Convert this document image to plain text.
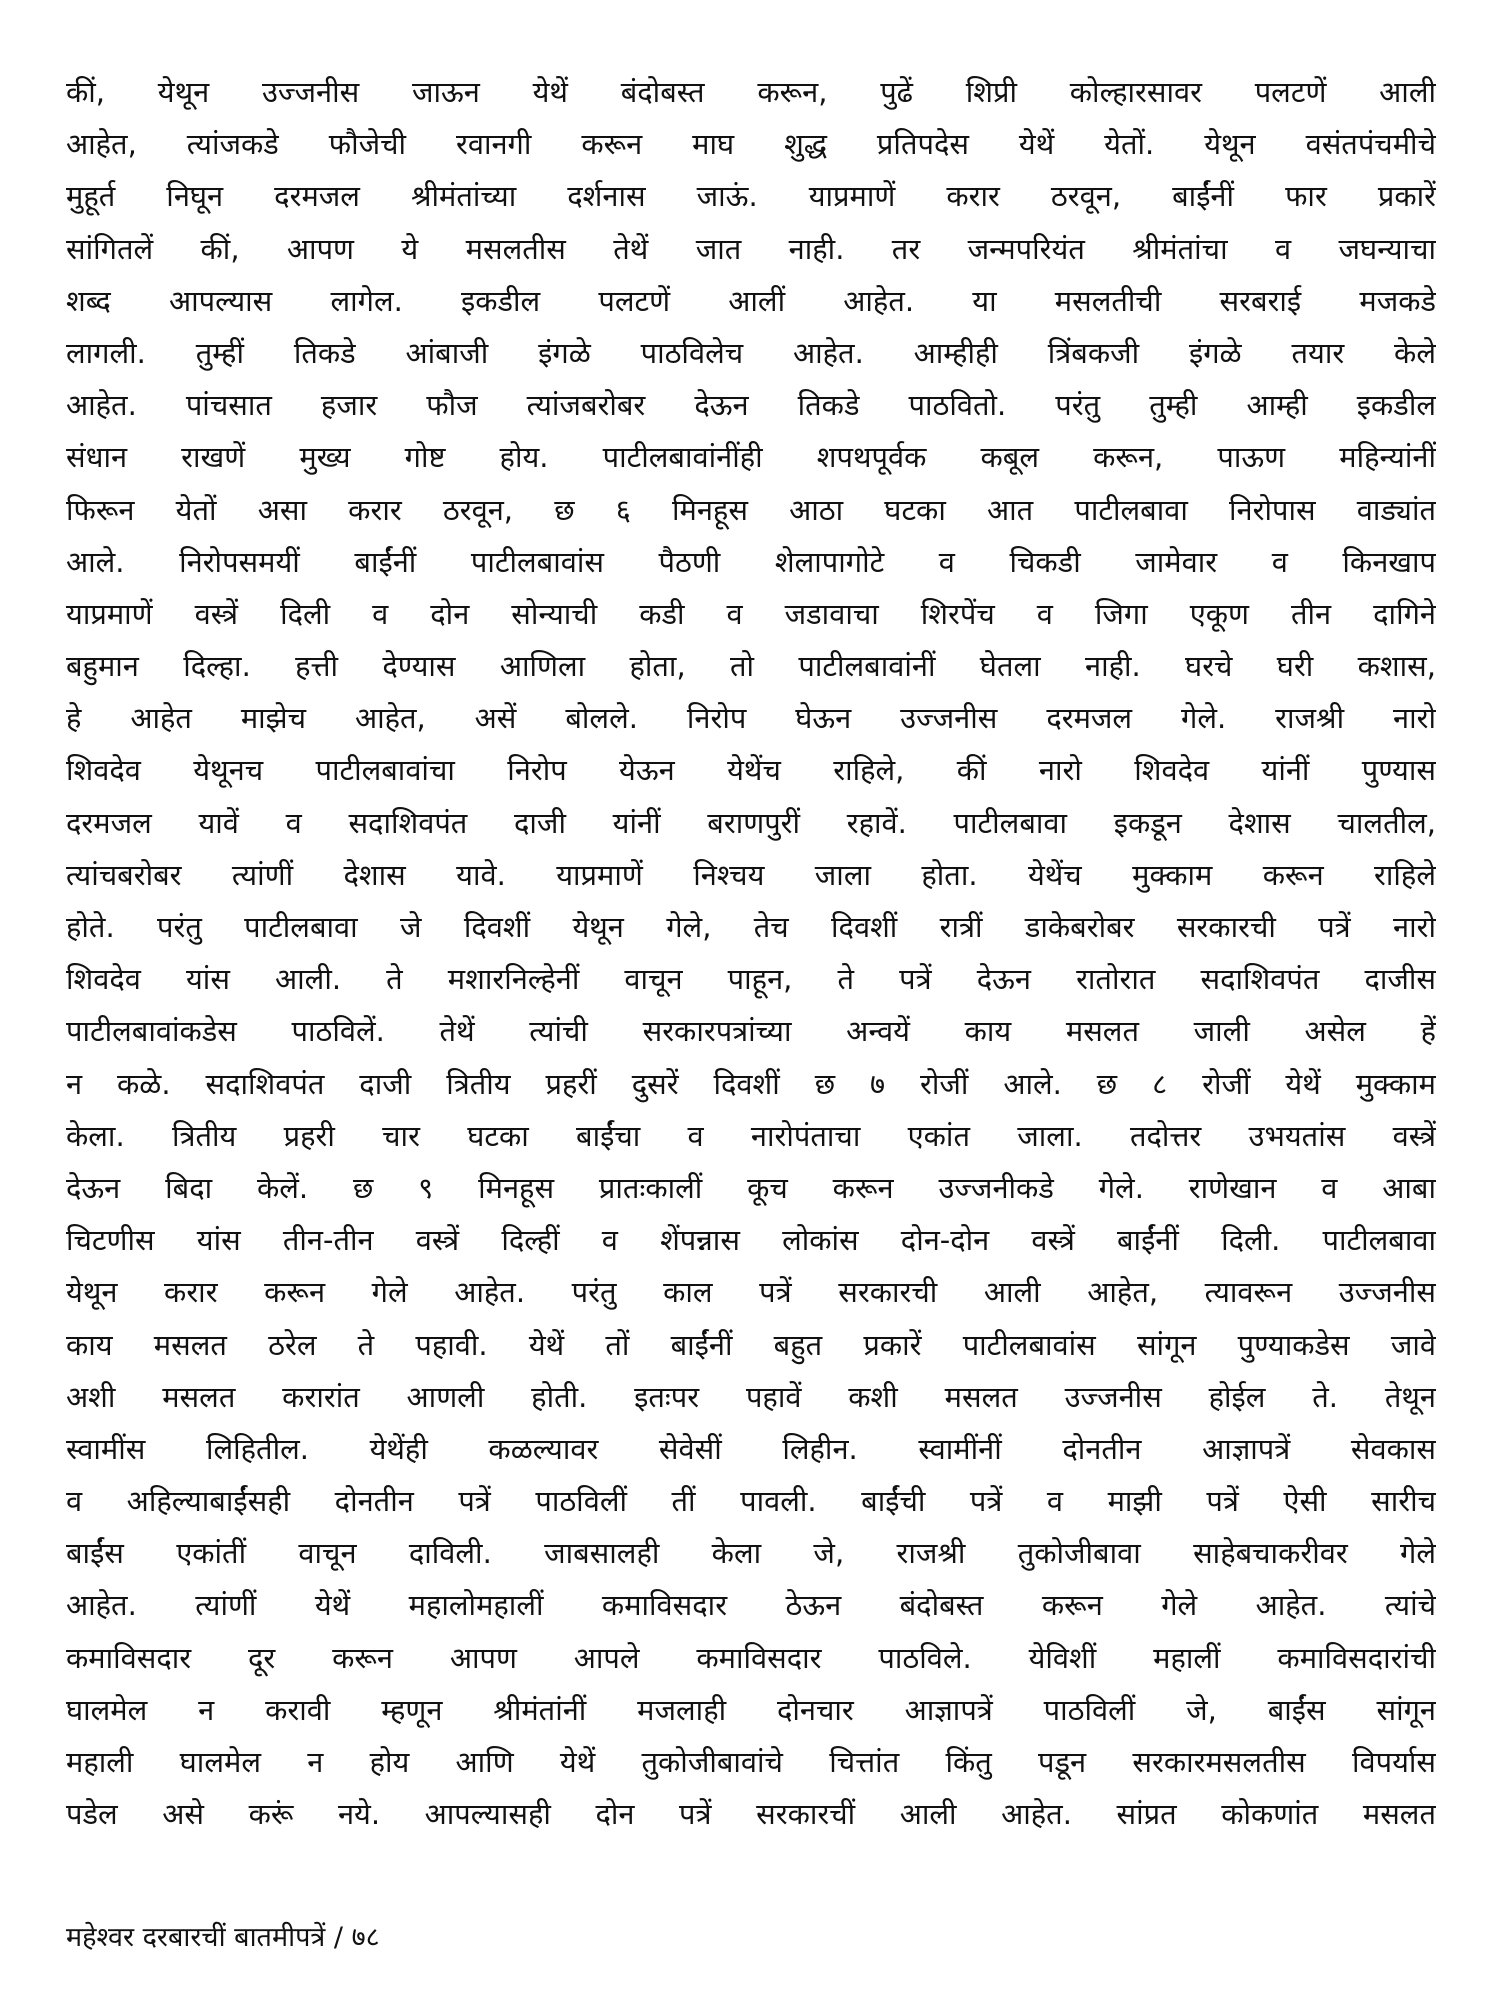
कीं, येथून उज्जनीस जाऊन येथें बंदोबस्त करून, पुढें शिप्री कोल्हारसावर पलटणें आली
आहेत, त्यांजकडे फौजेची रवानगी करून माघ शुद्ध प्रतिपदेस येथें येतों. येथून वसंतपंचमीचे
मुहूर्त निघून दरमजल श्रीमंतांच्या दर्शनास जाऊं. याप्रमाणें करार ठरवून, बाईंनीं फार प्रकारें
सांगितलें कीं, आपण ये मसलतीस तेथें जात नाही. तर जन्मपरियंत श्रीमंतांचा व जघन्याचा
शब्द आपल्यास लागेल. इकडील पलटणें आलीं आहेत. या मसलतीची सरबराई मजकडे
लागली. तुम्हीं तिकडे आंबाजी इंगळे पाठविलेच आहेत. आम्हीही त्रिंबकजी इंगळे तयार केले
आहेत. पांचसात हजार फौज त्यांजबरोबर देऊन तिकडे पाठवितो. परंतु तुम्ही आम्ही इकडील
संधान राखणें मुख्य गोष्ट होय. पाटीलबावांनींही शपथपूर्वक कबूल करून, पाऊण महिन्यांनीं
फिरून येतों असा करार ठरवून, छ ६ मिनहूस आठा घटका आत पाटीलबावा निरोपास वाड्यांत
आले. निरोपसमयीं बाईंनीं पाटीलबावांस पैठणी शेलापागोटे व चिकडी जामेवार व किनखाप
याप्रमाणें वस्त्रें दिली व दोन सोन्याची कडी व जडावाचा शिरपेंच व जिगा एकूण तीन दागिने
बहुमान दिल्हा. हत्ती देण्यास आणिला होता, तो पाटीलबावांनीं घेतला नाही. घरचे घरी कशास,
हे आहेत माझेच आहेत, असें बोलले. निरोप घेऊन उज्जनीस दरमजल गेले. राजश्री नारो
शिवदेव येथूनच पाटीलबावांचा निरोप येऊन येथेंच राहिले, कीं नारो शिवदेव यांनीं पुण्यास
दरमजल यावें व सदाशिवपंत दाजी यांनीं बराणपुरीं रहावें. पाटीलबावा इकडून देशास चालतील,
त्यांचबरोबर त्यांणीं देशास यावे. याप्रमाणें निश्चय जाला होता. येथेंच मुक्काम करून राहिले
होते. परंतु पाटीलबावा जे दिवशीं येथून गेले, तेच दिवशीं रात्रीं डाकेबरोबर सरकारची पत्रें नारो
शिवदेव यांस आली. ते मशारनिल्हेनीं वाचून पाहून, ते पत्रें देऊन रातोरात सदाशिवपंत दाजीस
पाटीलबावांकडेस पाठविलें. तेथें त्यांची सरकारपत्रांच्या अन्वयें काय मसलत जाली असेल हें
न कळे. सदाशिवपंत दाजी त्रितीय प्रहरीं दुसरें दिवशीं छ ७ रोजीं आले. छ ८ रोजीं येथें मुक्काम
केला. त्रितीय प्रहरी चार घटका बाईंचा व नारोपंताचा एकांत जाला. तदोत्तर उभयतांस वस्त्रें
देऊन बिदा केलें. छ ९ मिनहूस प्रातःकालीं कूच करून उज्जनीकडे गेले. राणेखान व आबा
चिटणीस यांस तीन-तीन वस्त्रें दिल्हीं व शेंपन्नास लोकांस दोन-दोन वस्त्रें बाईंनीं दिली. पाटीलबावा
येथून करार करून गेले आहेत. परंतु काल पत्रें सरकारची आली आहेत, त्यावरून उज्जनीस
काय मसलत ठरेल ते पहावी. येथें तों बाईंनीं बहुत प्रकारें पाटीलबावांस सांगून पुण्याकडेस जावे
अशी मसलत करारांत आणली होती. इतःपर पहावें कशी मसलत उज्जनीस होईल ते. तेथून
स्वामींस लिहितील. येथेंही कळल्यावर सेवेसीं लिहीन. स्वामींनीं दोनतीन आज्ञापत्रें सेवकास
व अहिल्याबाईंसही दोनतीन पत्रें पाठविलीं तीं पावली. बाईंची पत्रें व माझी पत्रें ऐसी सारीच
बाईंस एकांतीं वाचून दाविली. जाबसालही केला जे, राजश्री तुकोजीबावा साहेबचाकरीवर गेले
आहेत. त्यांणीं येथें महालोमहालीं कमाविसदार ठेऊन बंदोबस्त करून गेले आहेत. त्यांचे
कमाविसदार दूर करून आपण आपले कमाविसदार पाठविले. येविशीं महालीं कमाविसदारांची
घालमेल न करावी म्हणून श्रीमंतांनीं मजलाही दोनचार आज्ञापत्रें पाठविलीं जे, बाईंस सांगून
महाली घालमेल न होय आणि येथें तुकोजीबावांचे चित्तांत किंतु पडून सरकारमसलतीस विपर्यास
पडेल असे करूं नये. आपल्यासही दोन पत्रें सरकारचीं आली आहेत. सांप्रत कोकणांत मसलत
महेश्वर दरबारचीं बातमीपत्रें / ७८
